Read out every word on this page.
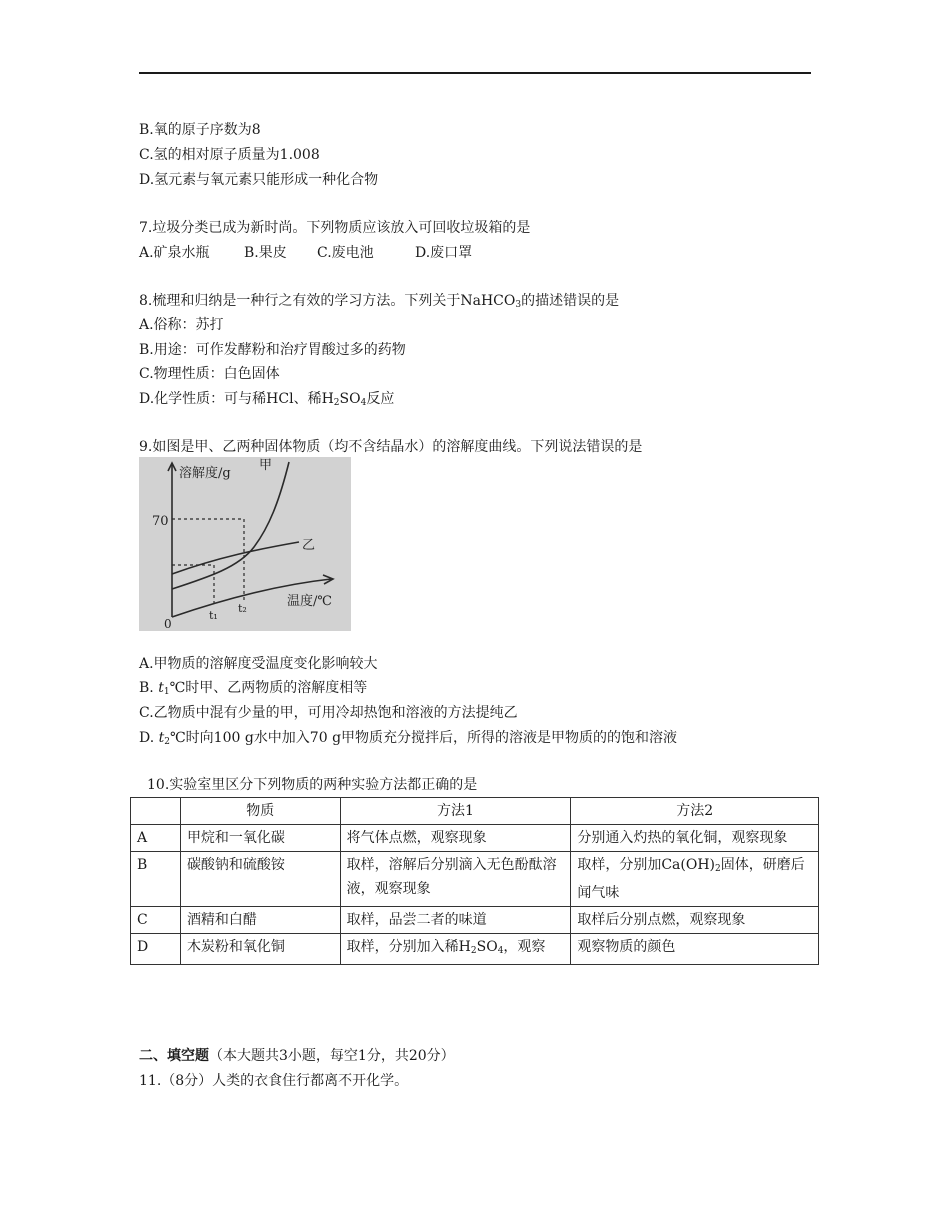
B.氧的原子序数为8
C.氢的相对原子质量为1.008
D.氢元素与氧元素只能形成一种化合物
7.垃圾分类已成为新时尚。下列物质应该放入可回收垃圾箱的是
A.矿泉水瓶 B.果皮 C.废电池	D.废口罩
8.梳理和归纳是一种行之有效的学习方法。下列关于NaHCO$_3$的描述错误的是
A.俗称：苏打
B.用途：可作发酵粉和治疗胃酸过多的药物
C.物理性质：白色固体
D.化学性质：可与稀HCl、稀$H_2SO_4$反应
9.如图是甲、乙两种固体物质（均不含结晶水）的溶解度曲线。下列说法错误的是
溶解度/g
温度/℃
70
0
t₁
t₂
甲
乙
A.甲物质的溶解度受温度变化影响较大
B. $t_1℃$时甲、乙两物质的溶解度相等
C.乙物质中混有少量的甲，可用冷却热饱和溶液的方法提纯乙
D. $t_2℃$时向100 g水中加入70 g甲物质充分搅拌后，所得的溶液是甲物质的的饱和溶液
10.实验室里区分下列物质的两种实验方法都正确的是
	物质	方法1	方法2
A	甲烷和一氧化碳	将气体点燃，观察现象	分别通入灼热的氧化铜，观察现象
B	碳酸钠和硫酸铵	取样，溶解后分别滴入无色酚酞溶液，观察现象	取样，分别加$Ca(OH)_2$固体，研磨后闻气味
C	酒精和白醋	取样，品尝二者的味道	取样后分别点燃，观察现象
D	木炭粉和氧化铜	取样，分别加入稀$H_2SO_4$，观察	观察物质的颜色
二、填空题（本大题共3小题，每空1分，共20分）
11.（8分）人类的衣食住行都离不开化学。
